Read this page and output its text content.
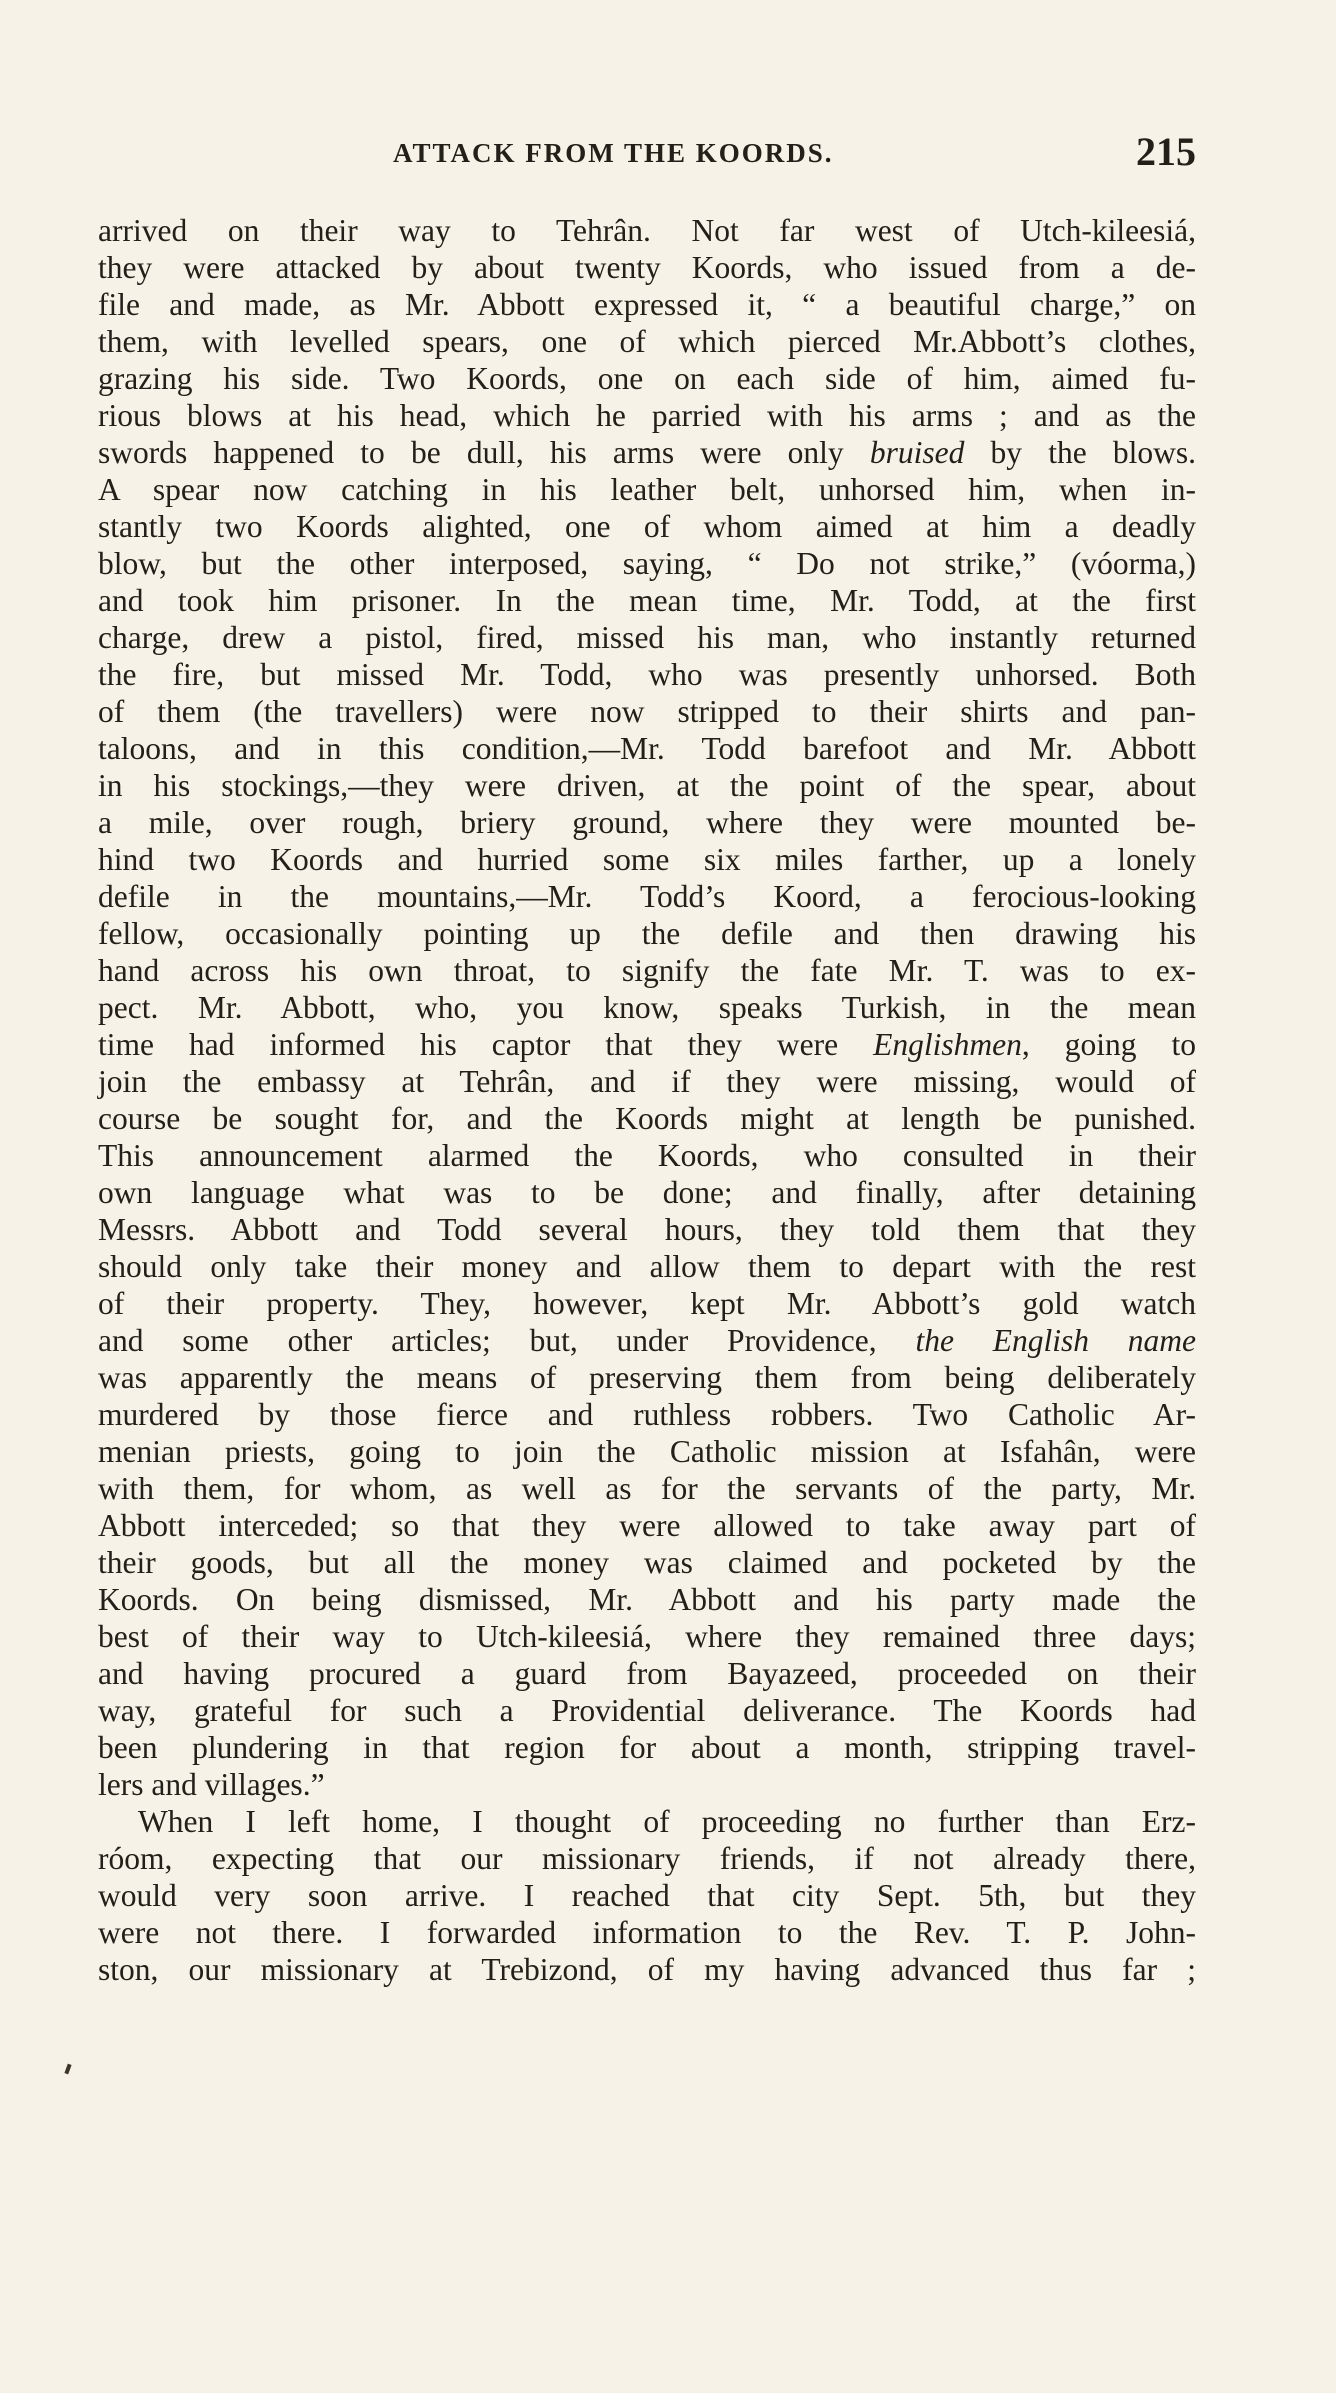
ATTACK FROM THE KOORDS.	215
arrived on their way to Tehrân. Not far west of Utch-kileesiá,
they were attacked by about twenty Koords, who issued from a de-
file and made, as Mr. Abbott expressed it, “ a beautiful charge,” on
them, with levelled spears, one of which pierced Mr.Abbott’s clothes,
grazing his side. Two Koords, one on each side of him, aimed fu-
rious blows at his head, which he parried with his arms ; and as the
swords happened to be dull, his arms were only bruised by the blows.
A spear now catching in his leather belt, unhorsed him, when in-
stantly two Koords alighted, one of whom aimed at him a deadly
blow, but the other interposed, saying, “ Do not strike,” (vóorma,)
and took him prisoner. In the mean time, Mr. Todd, at the first
charge, drew a pistol, fired, missed his man, who instantly returned
the fire, but missed Mr. Todd, who was presently unhorsed. Both
of them (the travellers) were now stripped to their shirts and pan-
taloons, and in this condition,—Mr. Todd barefoot and Mr. Abbott
in his stockings,—they were driven, at the point of the spear, about
a mile, over rough, briery ground, where they were mounted be-
hind two Koords and hurried some six miles farther, up a lonely
defile in the mountains,—Mr. Todd’s Koord, a ferocious-looking
fellow, occasionally pointing up the defile and then drawing his
hand across his own throat, to signify the fate Mr. T. was to ex-
pect. Mr. Abbott, who, you know, speaks Turkish, in the mean
time had informed his captor that they were Englishmen, going to
join the embassy at Tehrân, and if they were missing, would of
course be sought for, and the Koords might at length be punished.
This announcement alarmed the Koords, who consulted in their
own language what was to be done; and finally, after detaining
Messrs. Abbott and Todd several hours, they told them that they
should only take their money and allow them to depart with the rest
of their property. They, however, kept Mr. Abbott’s gold watch
and some other articles; but, under Providence, the English name
was apparently the means of preserving them from being deliberately
murdered by those fierce and ruthless robbers. Two Catholic Ar-
menian priests, going to join the Catholic mission at Isfahân, were
with them, for whom, as well as for the servants of the party, Mr.
Abbott interceded; so that they were allowed to take away part of
their goods, but all the money was claimed and pocketed by the
Koords. On being dismissed, Mr. Abbott and his party made the
best of their way to Utch-kileesiá, where they remained three days;
and having procured a guard from Bayazeed, proceeded on their
way, grateful for such a Providential deliverance. The Koords had
been plundering in that region for about a month, stripping travel-
lers and villages.”
When I left home, I thought of proceeding no further than Erz-
róom, expecting that our missionary friends, if not already there,
would very soon arrive. I reached that city Sept. 5th, but they
were not there. I forwarded information to the Rev. T. P. John-
ston, our missionary at Trebizond, of my having advanced thus far ;
